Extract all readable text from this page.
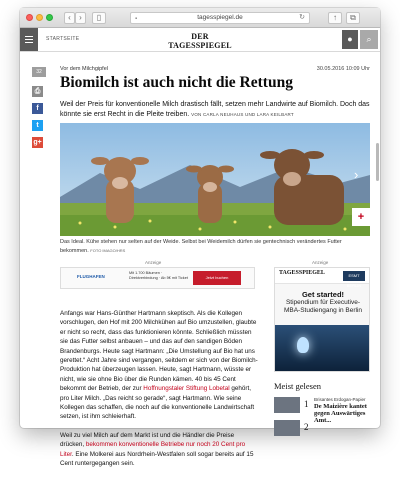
‹	›	▯	▪	tagesspiegel.de	↻	↑	⧉
STARTSEITE	DER TAGESSPIEGEL
●	⌕
32
⎙
f
t
g+
Vor dem Milchgipfel	30.05.2016 10:09 Uhr
Biomilch ist auch nicht die Rettung

Weil der Preis für konventionelle Milch drastisch fällt, setzen mehr Landwirte auf Biomilch. Doch das könnte sie erst Recht in die Pleite treiben. VON CARLA NEUHAUS UND LARA KEILBART

›
+

Das Ideal. Kühe stehen nur selten auf der Weide. Selbst bei Weidemilch dürfen sie gentechnisch verändertes Futter bekommen. FOTO IMAGO/HRS

Anzeige
FLUGHAFEN
Mit 1.700 Bäumen · Direktverbindung · Ab 5€ mit Ticket	Jetzt buchen

Anfangs war Hans-Günther Hartmann skeptisch. Als die Kollegen vorschlugen, den Hof mit 200 Milchkühen auf Bio umzustellen, glaubte er nicht so recht, dass das funktionieren könnte. Schließlich müssten sie das Futter selbst anbauen – und das auf den sandigen Böden Brandenburgs. Heute sagt Hartmann: „Die Umstellung auf Bio hat uns gerettet.“ Acht Jahre sind vergangen, seitdem er sich von der Biomilch-Produktion hat überzeugen lassen. Heute, sagt Hartmann, wüsste er nicht, wie sie ohne Bio über die Runden kämen. 40 bis 45 Cent bekommt der Betrieb, der zur Hoffnungstaler Stiftung Lobetal gehört, pro Liter Milch. „Das reicht so gerade“, sagt Hartmann. Wie seine Kollegen das schaffen, die noch auf die konventionelle Landwirtschaft setzen, ist ihm schleierhaft.

Weil zu viel Milch auf dem Markt ist und die Händler die Preise drücken, bekommen konventionelle Betriebe nur noch 20 Cent pro Liter. Eine Molkerei aus Nordrhein-Westfalen soll sogar bereits auf 15 Cent runtergegangen sein.

Anzeige
TAGESSPIEGEL	ESMT BERLIN
Get started!
Stipendium für Executive-MBA-Studiengang in Berlin
Meist gelesen
1 Brisantes Erdogan-Papier
De Maizière kantet gegen Auswärtiges Amt...
2
